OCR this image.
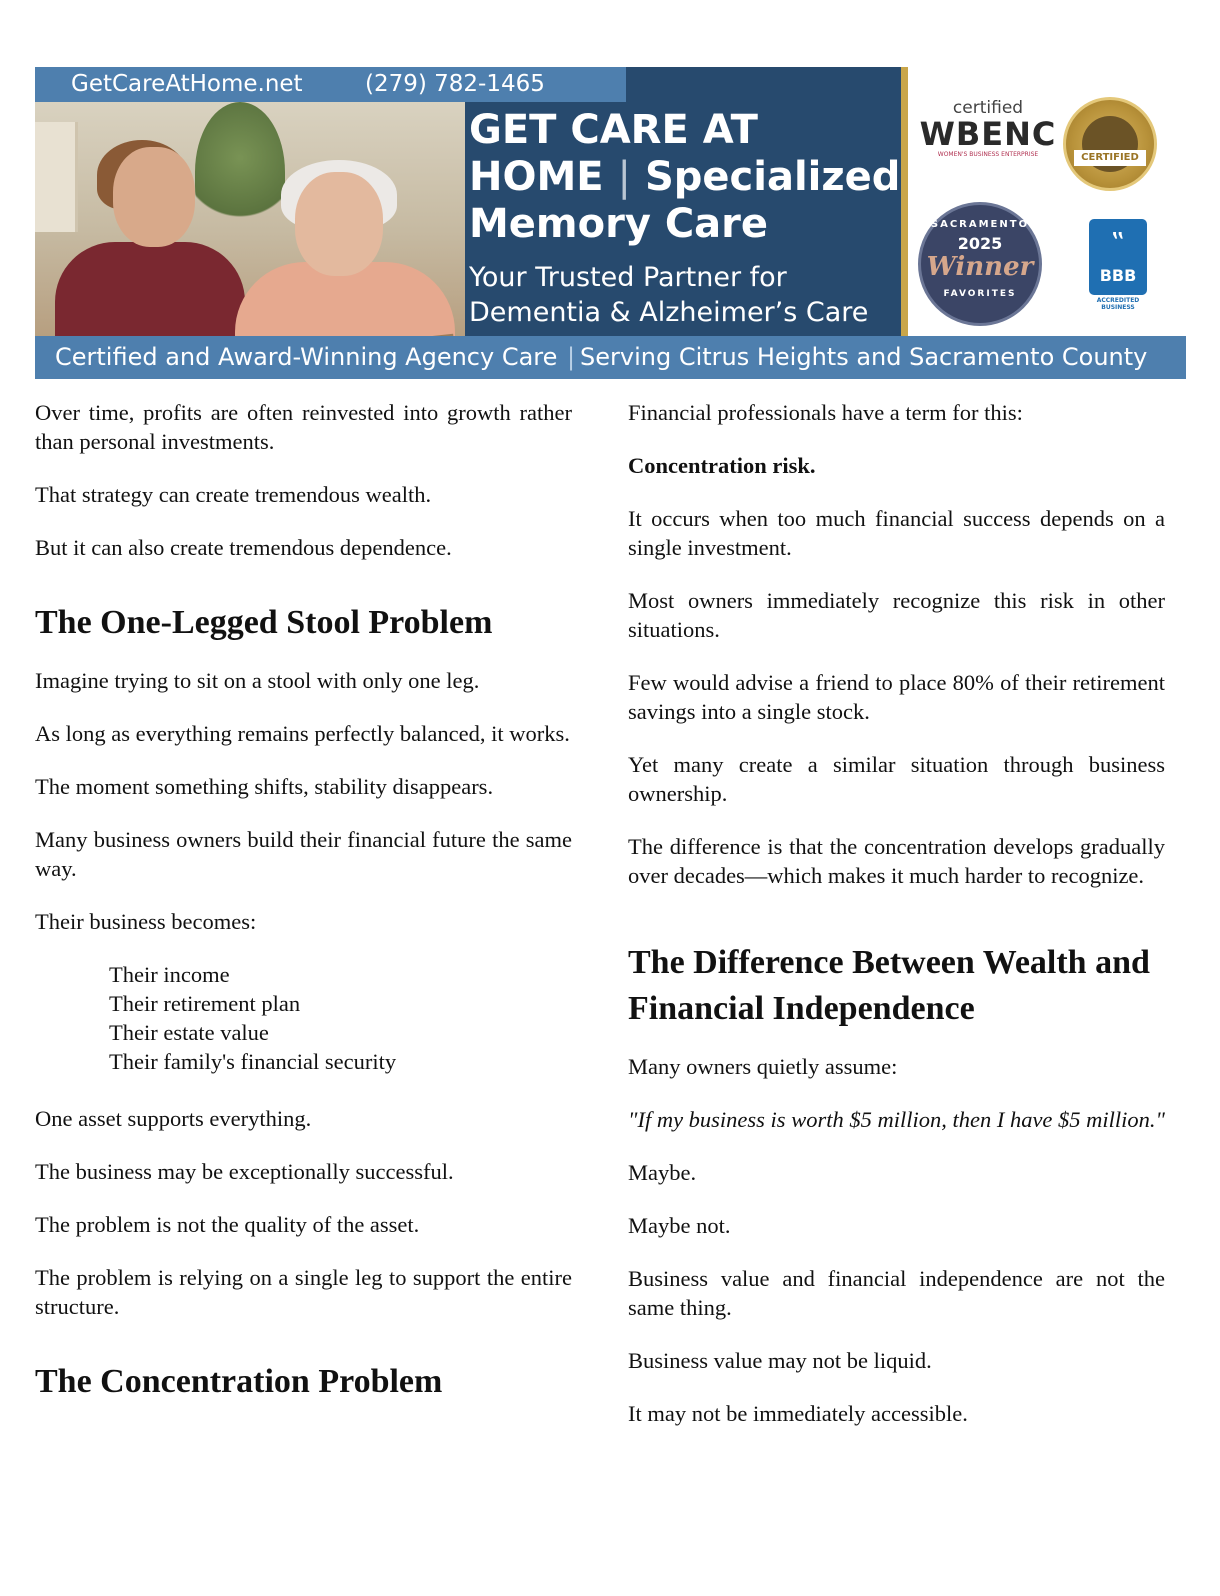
GetCareAtHome.net	(279) 782-1465
GET CARE AT
HOME | Specialized
Memory Care
Your Trusted Partner for
Dementia & Alzheimer’s Care
certified
WBENC
WOMEN'S BUSINESS ENTERPRISE	CERTIFIED
SACRAMENTO
2025
Winner
FAVORITES
‟
BBB
ACCREDITED BUSINESS
Certified and Award-Winning Agency Care | Serving Citrus Heights and Sacramento County

Over time, profits are often reinvested into growth rather than personal investments.

That strategy can create tremendous wealth.

But it can also create tremendous dependence.

The One-Legged Stool Problem

Imagine trying to sit on a stool with only one leg.

As long as everything remains perfectly balanced, it works.

The moment something shifts, stability disappears.

Many business owners build their financial future the same way.

Their business becomes:

Their income
Their retirement plan
Their estate value
Their family's financial security

One asset supports everything.

The business may be exceptionally successful.

The problem is not the quality of the asset.

The problem is relying on a single leg to support the entire structure.

The Concentration Problem

Financial professionals have a term for this:

Concentration risk.

It occurs when too much financial success depends on a single investment.

Most owners immediately recognize this risk in other situations.

Few would advise a friend to place 80% of their retirement savings into a single stock.

Yet many create a similar situation through business ownership.

The difference is that the concentration develops gradually over decades—which makes it much harder to recognize.

The Difference Between Wealth and Financial Independence

Many owners quietly assume:

"If my business is worth $5 million, then I have $5 million."

Maybe.

Maybe not.

Business value and financial independence are not the same thing.

Business value may not be liquid.

It may not be immediately accessible.
